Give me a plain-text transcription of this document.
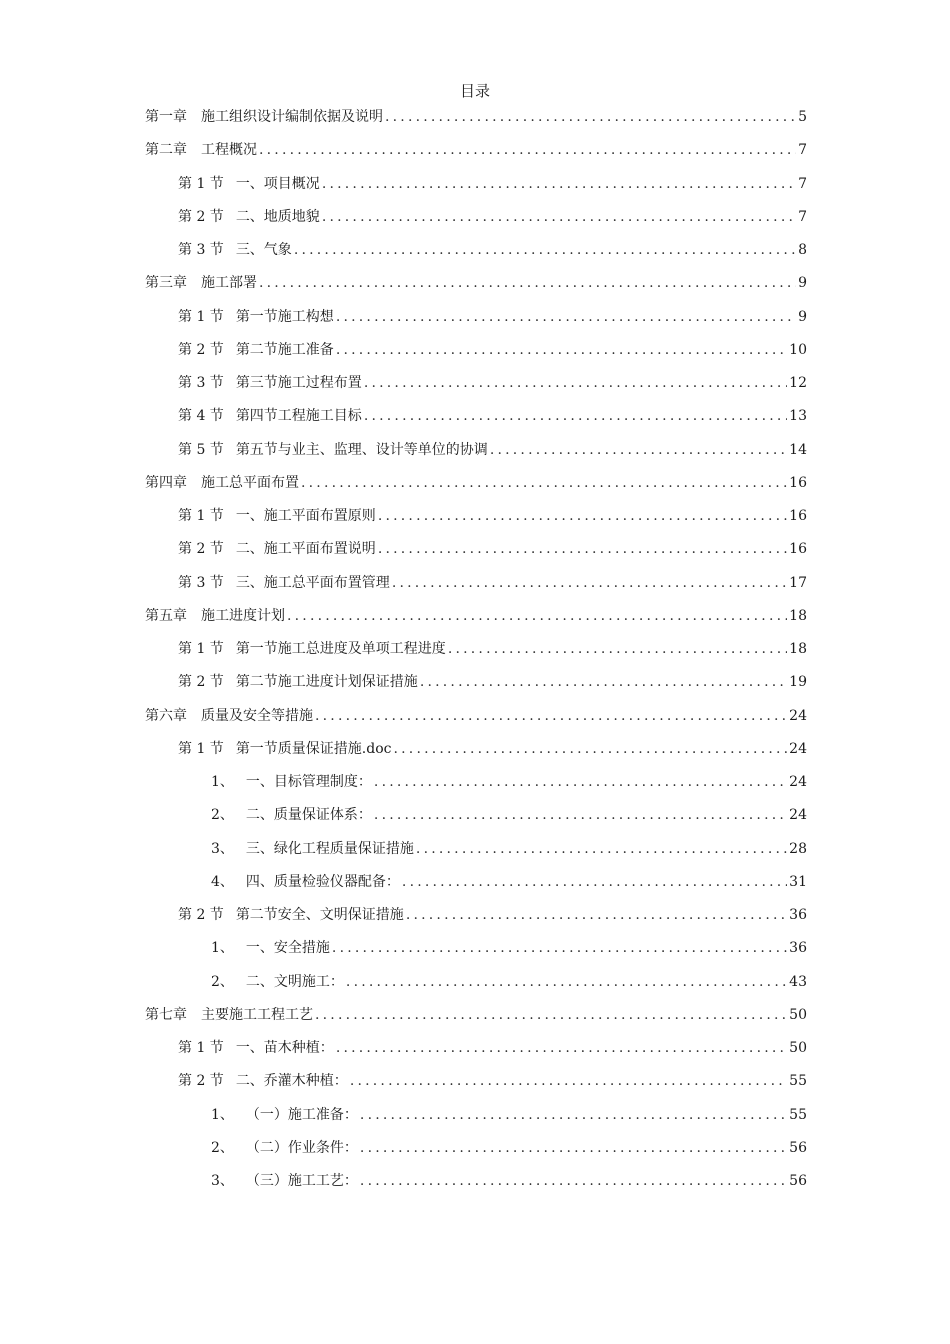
目录
第一章 施工组织设计编制依据及说明 .....	5
第二章 工程概况 .....	7
第 1 节 一、项目概况 .....	7
第 2 节 二、地质地貌 .....	7
第 3 节 三、气象 .....	8
第三章 施工部署 .....	9
第 1 节 第一节施工构想 .....	9
第 2 节 第二节施工准备 .....	10
第 3 节 第三节施工过程布置 .....	12
第 4 节 第四节工程施工目标 .....	13
第 5 节 第五节与业主、监理、设计等单位的协调 .....	14
第四章 施工总平面布置 .....	16
第 1 节 一、施工平面布置原则 .....	16
第 2 节 二、施工平面布置说明 .....	16
第 3 节 三、施工总平面布置管理 .....	17
第五章 施工进度计划 .....	18
第 1 节 第一节施工总进度及单项工程进度 .....	18
第 2 节 第二节施工进度计划保证措施 .....	19
第六章 质量及安全等措施 .....	24
第 1 节 第一节质量保证措施.doc .....	24
1、 一、目标管理制度： .....	24
2、 二、质量保证体系： .....	24
3、 三、绿化工程质量保证措施 .....	28
4、 四、质量检验仪器配备： .....	31
第 2 节 第二节安全、文明保证措施 .....	36
1、 一、安全措施 .....	36
2、 二、文明施工： .....	43
第七章 主要施工工程工艺 .....	50
第 1 节 一、苗木种植： .....	50
第 2 节 二、乔灌木种植： .....	55
1、 （一）施工准备： .....	55
2、 （二）作业条件： .....	56
3、 （三）施工工艺： .....	56
